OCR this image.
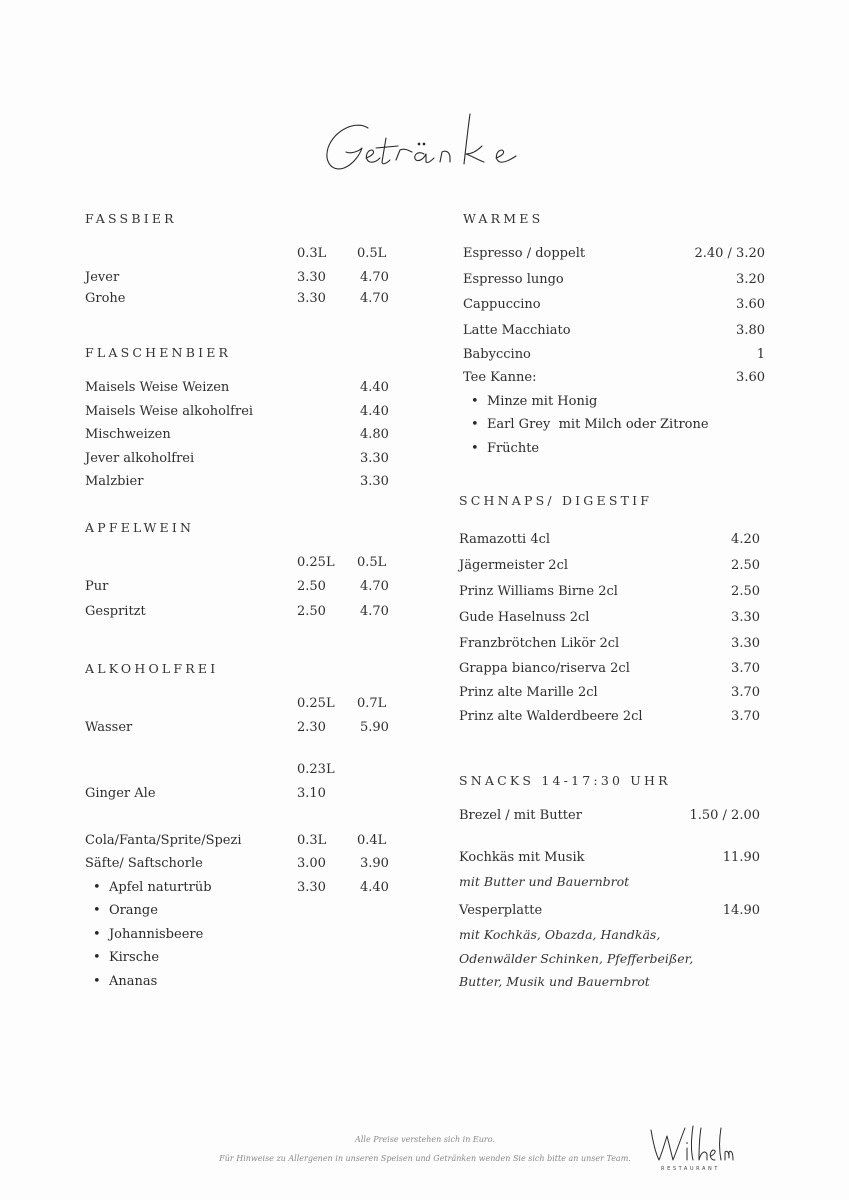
FASSBIER
0.3L 0.5L
Jever	3.30	4.70
Grohe	3.30	4.70
FLASCHENBIER
Maisels Weise Weizen	4.40
Maisels Weise alkoholfrei	4.40
Mischweizen	4.80
Jever alkoholfrei	3.30
Malzbier	3.30
APFELWEIN
0.25L 0.5L
Pur	2.50	4.70
Gespritzt	2.50	4.70
ALKOHOLFREI
0.25L 0.7L
Wasser	2.30	5.90
0.23L
Ginger Ale	3.10
Cola/Fanta/Sprite/Spezi	0.3L 0.4L
Säfte/ Saftschorle	3.00	3.90
• Apfel naturtrüb	3.30	4.40
• Orange
• Johannisbeere
• Kirsche
• Ananas
WARMES
Espresso / doppelt	2.40 / 3.20
Espresso lungo	3.20
Cappuccino	3.60
Latte Macchiato	3.80
Babyccino	1
Tee Kanne:	3.60
• Minze mit Honig
• Earl Grey  mit Milch oder Zitrone
• Früchte
SCHNAPS/ DIGESTIF
Ramazotti 4cl	4.20
Jägermeister 2cl	2.50
Prinz Williams Birne 2cl	2.50
Gude Haselnuss 2cl	3.30
Franzbrötchen Likör 2cl	3.30
Grappa bianco/riserva 2cl	3.70
Prinz alte Marille 2cl	3.70
Prinz alte Walderdbeere 2cl	3.70
SNACKS 14-17:30 UHR
Brezel / mit Butter	1.50 / 2.00
Kochkäs mit Musik	11.90
mit Butter und Bauernbrot
Vesperplatte	14.90
mit Kochkäs, Obazda, Handkäs,
Odenwälder Schinken, Pfefferbeißer,
Butter, Musik und Bauernbrot
Alle Preise verstehen sich in Euro.
Für Hinweise zu Allergenen in unseren Speisen und Getränken wenden Sie sich bitte an unser Team.
RESTAURANT
